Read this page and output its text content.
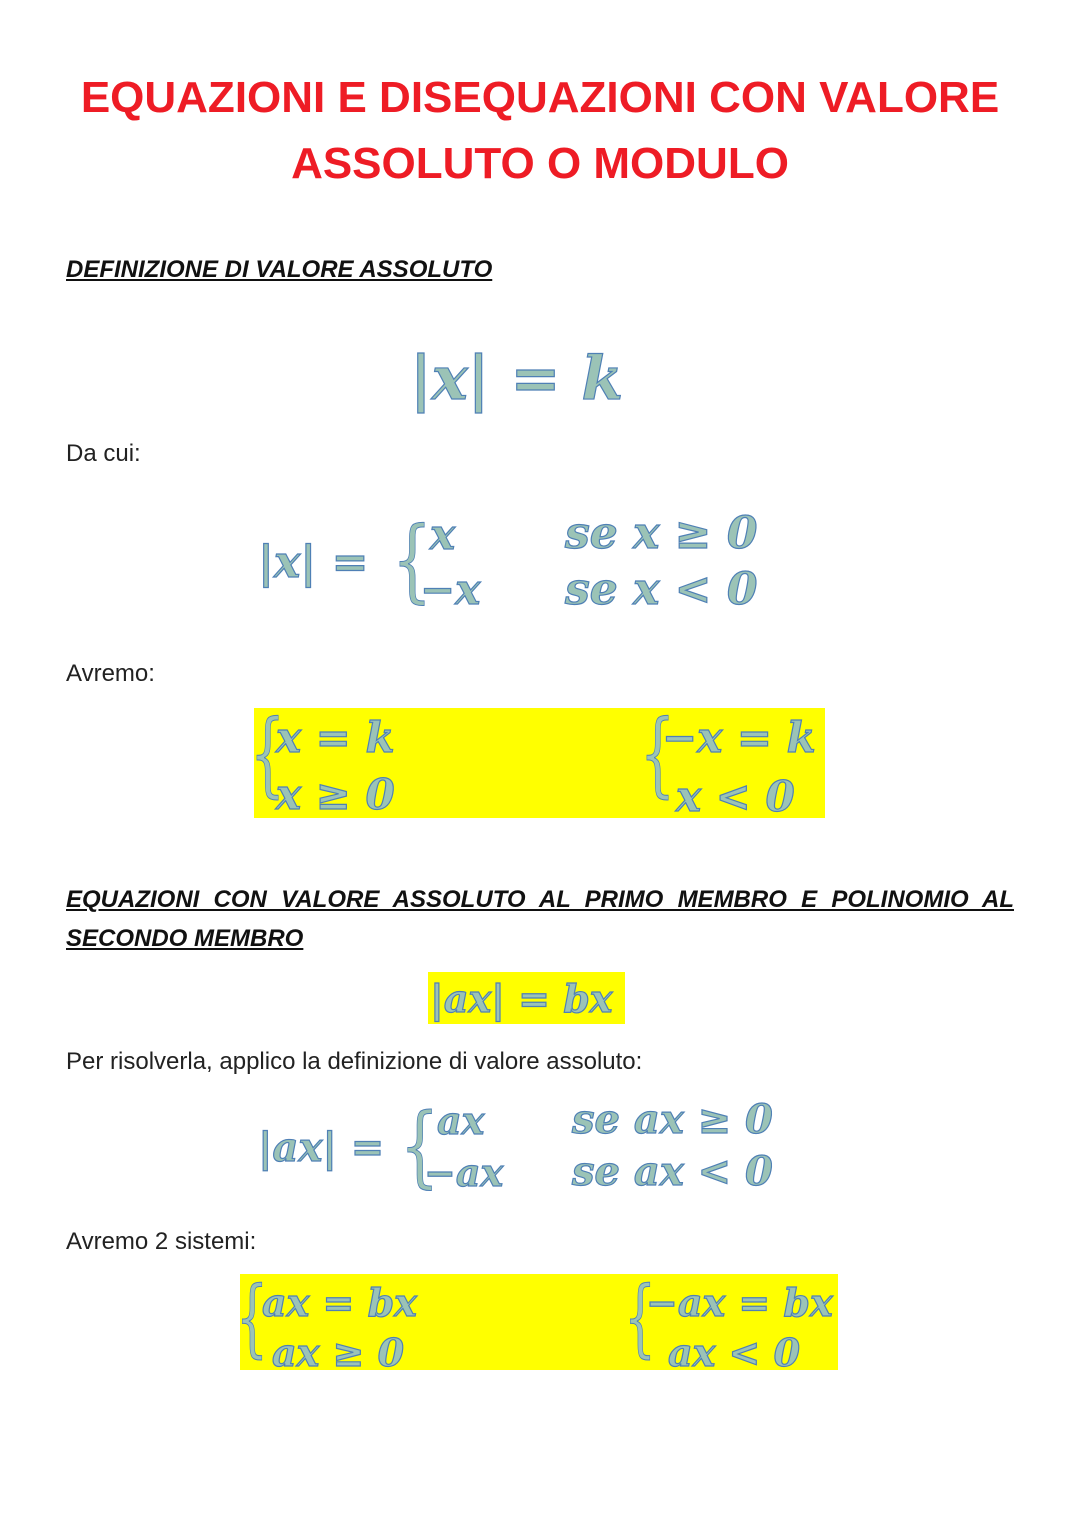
EQUAZIONI E DISEQUAZIONI CON VALORE
ASSOLUTO O MODULO
DEFINIZIONE DI VALORE ASSOLUTO
|x| = k
Da cui:
|x| = {
x
−x
se x ≥ 0
se x < 0
Avremo:
{
x = k
x ≥ 0	{
−x = k
x < 0
EQUAZIONI CON VALORE ASSOLUTO AL PRIMO MEMBRO E POLINOMIO AL
SECONDO MEMBRO
|ax| = bx
Per risolverla, applico la definizione di valore assoluto:
|ax| = {
ax
−ax
se ax ≥ 0
se ax < 0
Avremo 2 sistemi:
{
ax = bx
ax ≥ 0	{
−ax = bx
ax < 0
